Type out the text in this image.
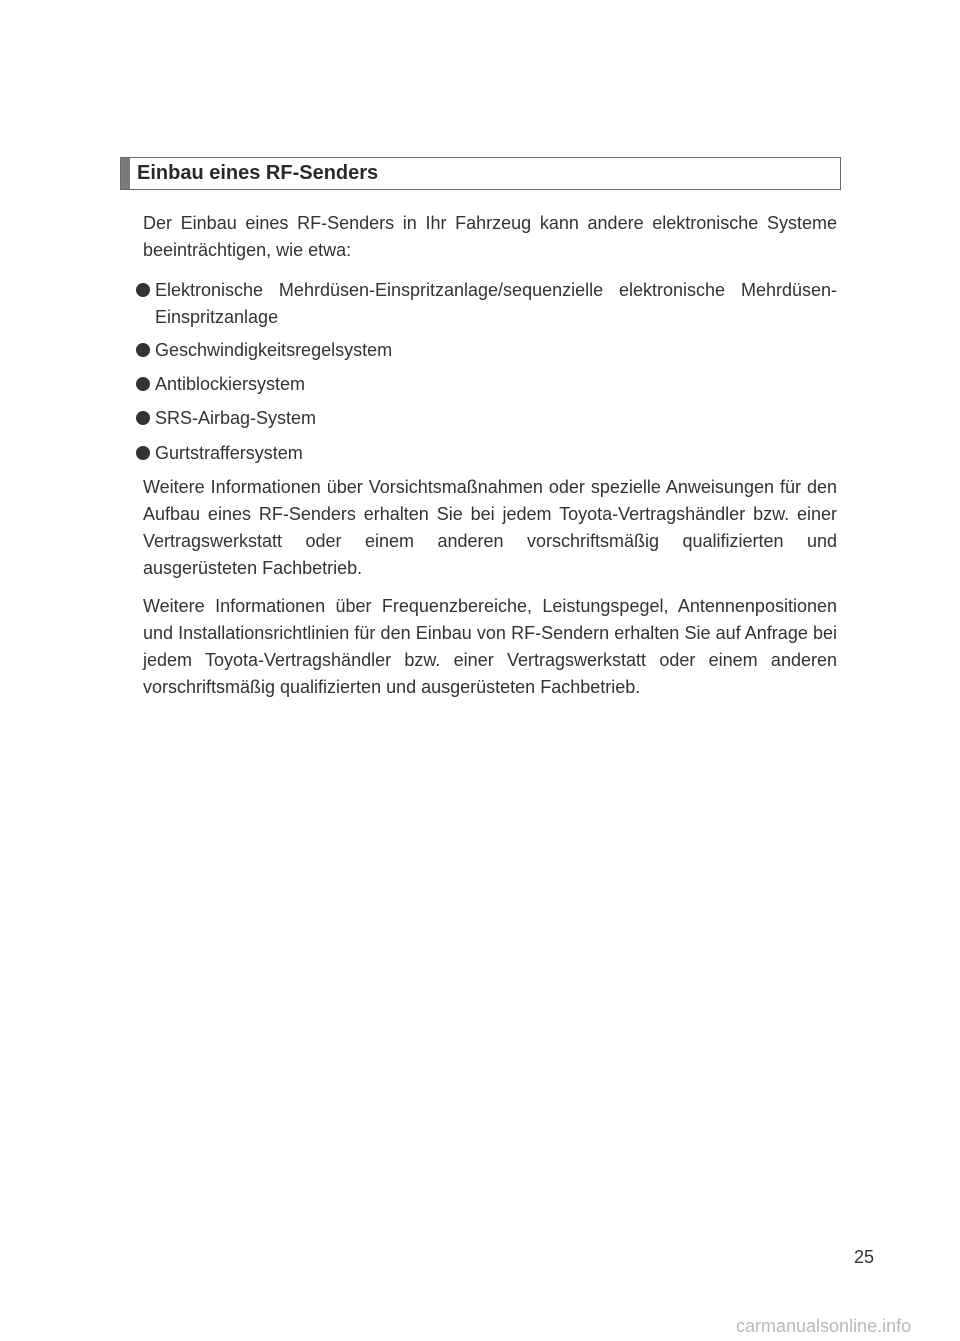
Einbau eines RF-Senders
Der Einbau eines RF-Senders in Ihr Fahrzeug kann andere elektronische Systeme beeinträchtigen, wie etwa:
Elektronische Mehrdüsen-Einspritzanlage/sequenzielle elektronische Mehrdüsen-Einspritzanlage
Geschwindigkeitsregelsystem
Antiblockiersystem
SRS-Airbag-System
Gurtstraffersystem
Weitere Informationen über Vorsichtsmaßnahmen oder spezielle Anweisungen für den Aufbau eines RF-Senders erhalten Sie bei jedem Toyota-Vertragshändler bzw. einer Vertragswerkstatt oder einem anderen vorschriftsmäßig qualifizierten und ausgerüsteten Fachbetrieb.
Weitere Informationen über Frequenzbereiche, Leistungspegel, Antennenpositionen und Installationsrichtlinien für den Einbau von RF-Sendern erhalten Sie auf Anfrage bei jedem Toyota-Vertragshändler bzw. einer Vertragswerkstatt oder einem anderen vorschriftsmäßig qualifizierten und ausgerüsteten Fachbetrieb.
25
carmanualsonline.info
